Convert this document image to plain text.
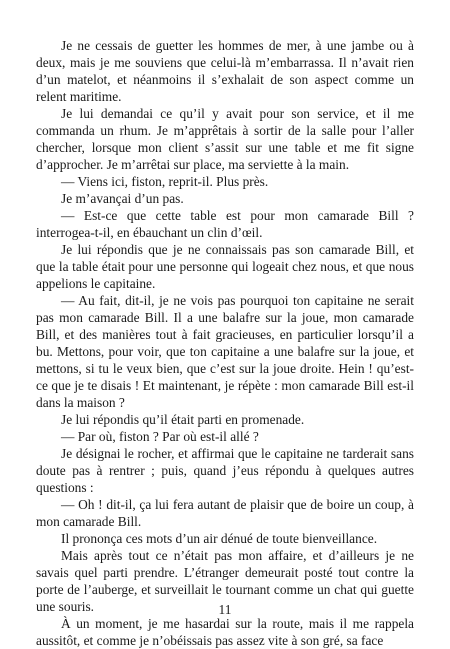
Je ne cessais de guetter les hommes de mer, à une jambe ou à deux, mais je me souviens que celui-là m’embarrassa. Il n’avait rien d’un matelot, et néanmoins il s’exhalait de son aspect comme un relent maritime.

Je lui demandai ce qu’il y avait pour son service, et il me commanda un rhum. Je m’apprêtais à sortir de la salle pour l’aller chercher, lorsque mon client s’assit sur une table et me fit signe d’approcher. Je m’arrêtai sur place, ma serviette à la main.

— Viens ici, fiston, reprit-il. Plus près.

Je m’avançai d’un pas.

— Est-ce que cette table est pour mon camarade Bill ? interrogea-t-il, en ébauchant un clin d’œil.

Je lui répondis que je ne connaissais pas son camarade Bill, et que la table était pour une personne qui logeait chez nous, et que nous appelions le capitaine.

— Au fait, dit-il, je ne vois pas pourquoi ton capitaine ne serait pas mon camarade Bill. Il a une balafre sur la joue, mon camarade Bill, et des manières tout à fait gracieuses, en particulier lorsqu’il a bu. Mettons, pour voir, que ton capitaine a une balafre sur la joue, et mettons, si tu le veux bien, que c’est sur la joue droite. Hein ! qu’est-ce que je te disais ! Et maintenant, je répète : mon camarade Bill est-il dans la maison ?

Je lui répondis qu’il était parti en promenade.

— Par où, fiston ? Par où est-il allé ?

Je désignai le rocher, et affirmai que le capitaine ne tarderait sans doute pas à rentrer ; puis, quand j’eus répondu à quelques autres questions :

— Oh ! dit-il, ça lui fera autant de plaisir que de boire un coup, à mon camarade Bill.

Il prononça ces mots d’un air dénué de toute bienveillance.

Mais après tout ce n’était pas mon affaire, et d’ailleurs je ne savais quel parti prendre. L’étranger demeurait posté tout contre la porte de l’auberge, et surveillait le tournant comme un chat qui guette une souris.

À un moment, je me hasardai sur la route, mais il me rappela aussitôt, et comme je n’obéissais pas assez vite à son gré, sa face

11
